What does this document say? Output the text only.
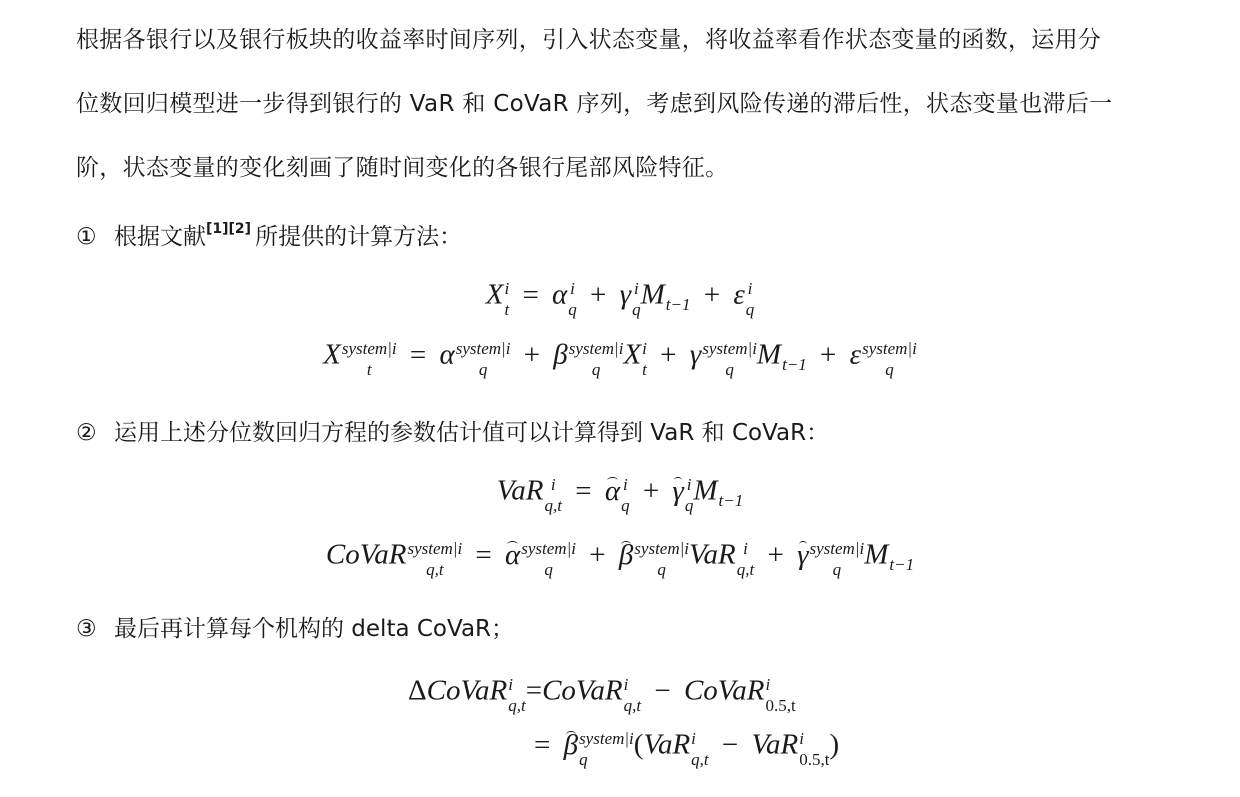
根据各银行以及银行板块的收益率时间序列，引入状态变量，将收益率看作状态变量的函数，运用分
位数回归模型进一步得到银行的 VaR 和 CoVaR 序列，考虑到风险传递的滞后性，状态变量也滞后一
阶，状态变量的变化刻画了随时间变化的各银行尾部风险特征。

① 根据文献[1][2] 所提供的计算方法：
X i
t = α i
q + γ i
q $M_{t-1} + \varepsilon$ i
q
X system|i
t	= α system|i
q	+ β system|i
q X i
t + γ system|i
q $M_{t-1} + \varepsilon$ system|i
q
② 运用上述分位数回归方程的参数估计值可以计算得到 VaR 和 CoVaR：
VaR i
q,t = α i
q + γ i
q $M_{t-1}$
CoVaR system|i
q,t	= α system|i
q	+ β system|i
q VaR i
q,t + γ system|i
q $M_{t-1}$
③ 最后再计算每个机构的 delta CoVaR；
ΔCoVaR i
q,t =CoVaR i
q,t − CoVaR i
0.5,t
= β system|i
q	(VaR i
q,t − VaR i
0.5,t )
